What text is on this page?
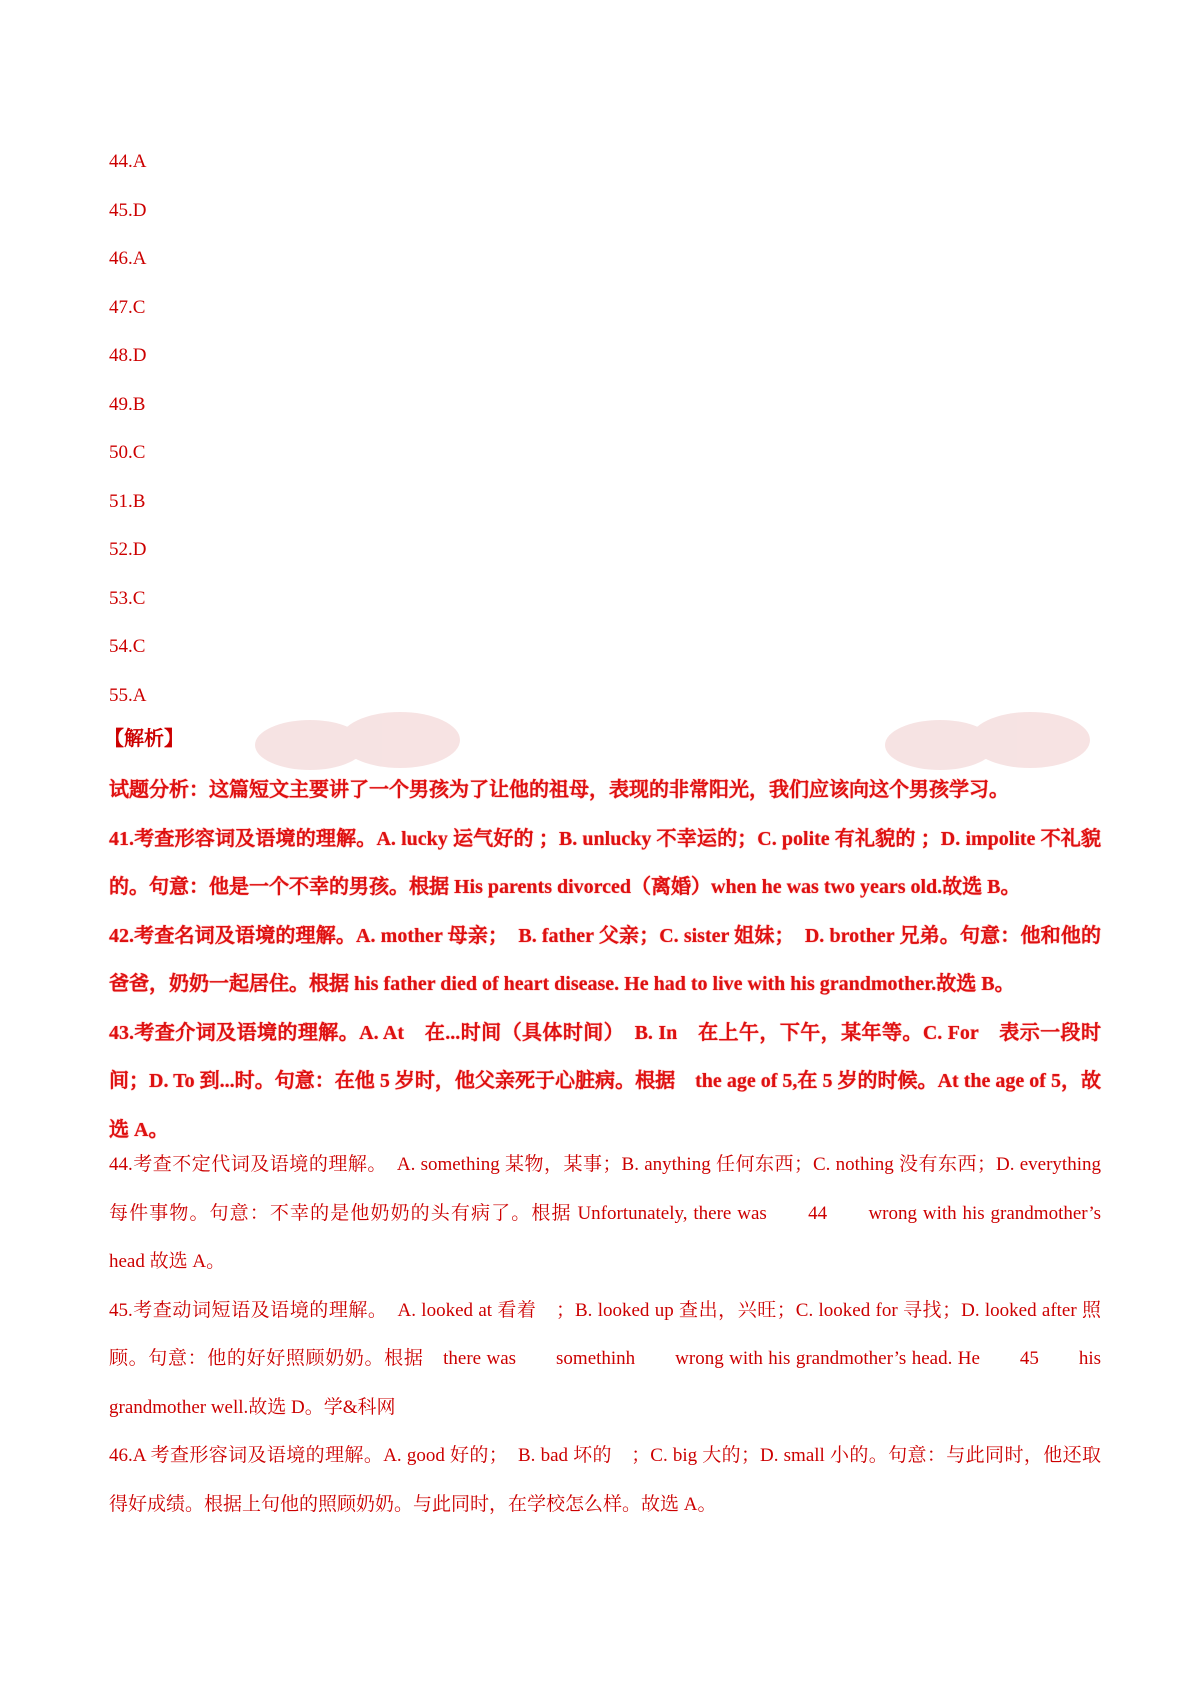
44.A
45.D
46.A
47.C
48.D
49.B
50.C
51.B
52.D
53.C
54.C
55.A
【解析】

试题分析：这篇短文主要讲了一个男孩为了让他的祖母，表现的非常阳光，我们应该向这个男孩学习。

41.考查形容词及语境的理解。A. lucky 运气好的 ；B. unlucky 不幸运的；C. polite 有礼貌的 ；D. impolite 不礼貌的。句意：他是一个不幸的男孩。根据 His parents divorced（离婚）when he was two years old.故选 B。

42.考查名词及语境的理解。A. mother 母亲；　B. father 父亲；C. sister 姐妹；　D. brother 兄弟。句意：他和他的爸爸，奶奶一起居住。根据 his father died of heart disease. He had to live with his grandmother.故选 B。

43.考查介词及语境的理解。A. At　在...时间（具体时间）　B. In　在上午，下午，某年等。C. For　表示一段时间；D. To 到...时。句意：在他 5 岁时，他父亲死于心脏病。根据　the age of 5,在 5 岁的时候。At the age of 5，故选 A。

44.考查不定代词及语境的理解。　A. something 某物，某事；B. anything 任何东西；C. nothing 没有东西；D. everything 每件事物。句意：不幸的是他奶奶的头有病了。根据 Unfortunately, there was　　44　　wrong with his grandmother’s head 故选 A。

45.考查动词短语及语境的理解。　A. looked at 看着　；B. looked up 查出，兴旺；C. looked for 寻找；D. looked after 照顾。句意：他的好好照顾奶奶。根据　there was　　somethinh　　wrong with his grandmother’s head. He　　45　　his grandmother well.故选 D。学&科网

46.A 考查形容词及语境的理解。A. good 好的；　B. bad 坏的　；C. big 大的；D. small 小的。句意：与此同时，他还取得好成绩。根据上句他的照顾奶奶。与此同时，在学校怎么样。故选 A。
